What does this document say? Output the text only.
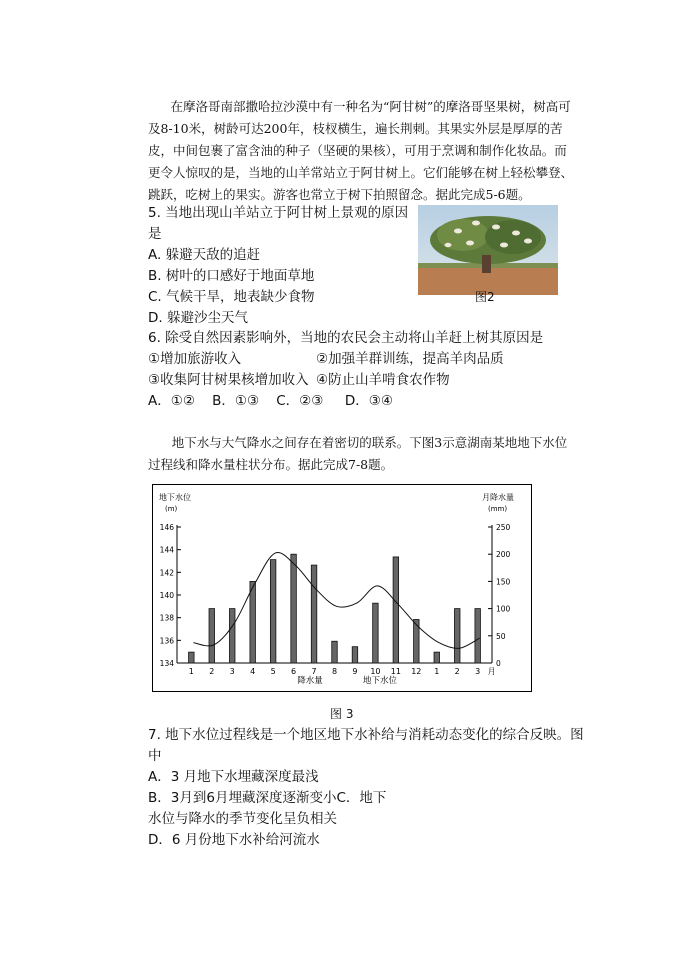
在摩洛哥南部撒哈拉沙漠中有一种名为“阿甘树”的摩洛哥坚果树，树高可及8-10米，树龄可达200年，枝杈横生，遍长荆刺。其果实外层是厚厚的苦皮，中间包裹了富含油的种子（坚硬的果核），可用于烹调和制作化妆品。而更令人惊叹的是，当地的山羊常站立于阿甘树上。它们能够在树上轻松攀登、跳跃，吃树上的果实。游客也常立于树下拍照留念。据此完成5-6题。
5. 当地出现山羊站立于阿甘树上景观的原因是
A. 躲避天敌的追赶
B. 树叶的口感好于地面草地
C. 气候干旱，地表缺少食物
D. 躲避沙尘天气
图2
6. 除受自然因素影响外，当地的农民会主动将山羊赶上树其原因是
①增加旅游收入	②加强羊群训练，提高羊肉品质
③收集阿甘树果核增加收入 ④防止山羊啃食农作物
A．①②    B．①③    C．②③     D．③④
地下水与大气降水之间存在着密切的联系。下图3示意湖南某地地下水位过程线和降水量柱状分布。据此完成7-8题。
地下水位
(m)
月降水量
(mm)
134
136
138
140
142
144
146
0
50
100
150
200
250
1 2 3 4 5 6 7 8 9 10 11 12 1 2 3 月
降水量	地下水位
图 3
7. 地下水位过程线是一个地区地下水补给与消耗动态变化的综合反映。图
中
A．3 月地下水埋藏深度最浅
B．3月到6月埋藏深度逐渐变小C．地下
水位与降水的季节变化呈负相关
D．6 月份地下水补给河流水
